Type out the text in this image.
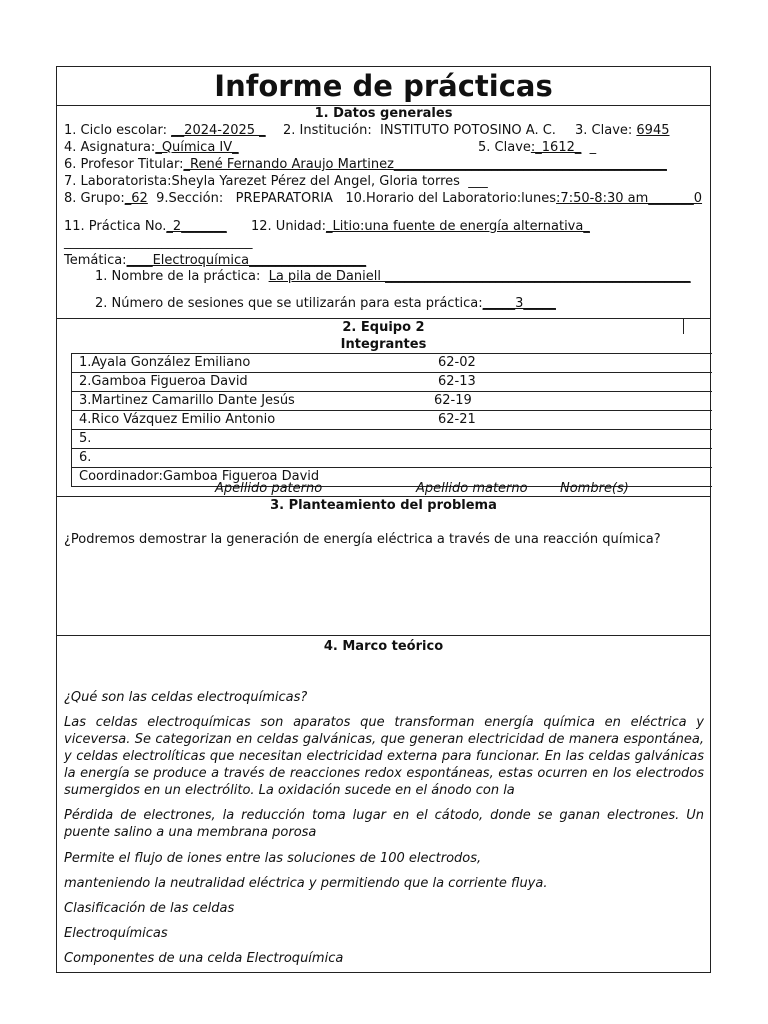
Informe de prácticas
1. Datos generales
1. Ciclo escolar: __2024-2025 _ 2. Institución: INSTITUTO POTOSINO A. C. 3. Clave: 6945
4. Asignatura:_Química IV_	5. Clave:_1612_ _
6. Profesor Titular:_René Fernando Araujo Martinez__________________________________________
7. Laboratorista:Sheyla Yarezet Pérez del Angel, Gloria torres ___
8. Grupo:_62 9.Sección: PREPARATORIA 10.Horario del Laboratorio:lunes:7:50-8:30 am_______0
11. Práctica No._2_______ 12. Unidad:_Litio:una fuente de energía alternativa_
_____________________________
Temática:____Electroquímica__________________
1. Nombre de la práctica: La pila de Daniell _______________________________________________
2. Número de sesiones que se utilizarán para esta práctica:_____3_____
2. Equipo 2
Integrantes
1.Ayala González Emiliano	62-02
2.Gamboa Figueroa David	62-13
3.Martinez Camarillo Dante Jesús	62-19
4.Rico Vázquez Emilio Antonio	62-21
5.
6.
Coordinador:Gamboa Figueroa David
Apellido paterno	Apellido materno Nombre(s)
3. Planteamiento del problema
¿Podremos demostrar la generación de energía eléctrica a través de una reacción química?
4. Marco teórico
¿Qué son las celdas electroquímicas?
Las celdas electroquímicas son aparatos que transforman energía química en eléctrica y viceversa. Se categorizan en celdas galvánicas, que generan electricidad de manera espontánea, y celdas electrolíticas que necesitan electricidad externa para funcionar. En las celdas galvánicas la energía se produce a través de reacciones redox espontáneas, estas ocurren en los electrodos sumergidos en un electrólito. La oxidación sucede en el ánodo con la
Pérdida de electrones, la reducción toma lugar en el cátodo, donde se ganan electrones. Un puente salino a una membrana porosa
Permite el flujo de iones entre las soluciones de 100 electrodos,
manteniendo la neutralidad eléctrica y permitiendo que la corriente fluya.
Clasificación de las celdas
Electroquímicas
Componentes de una celda Electroquímica
